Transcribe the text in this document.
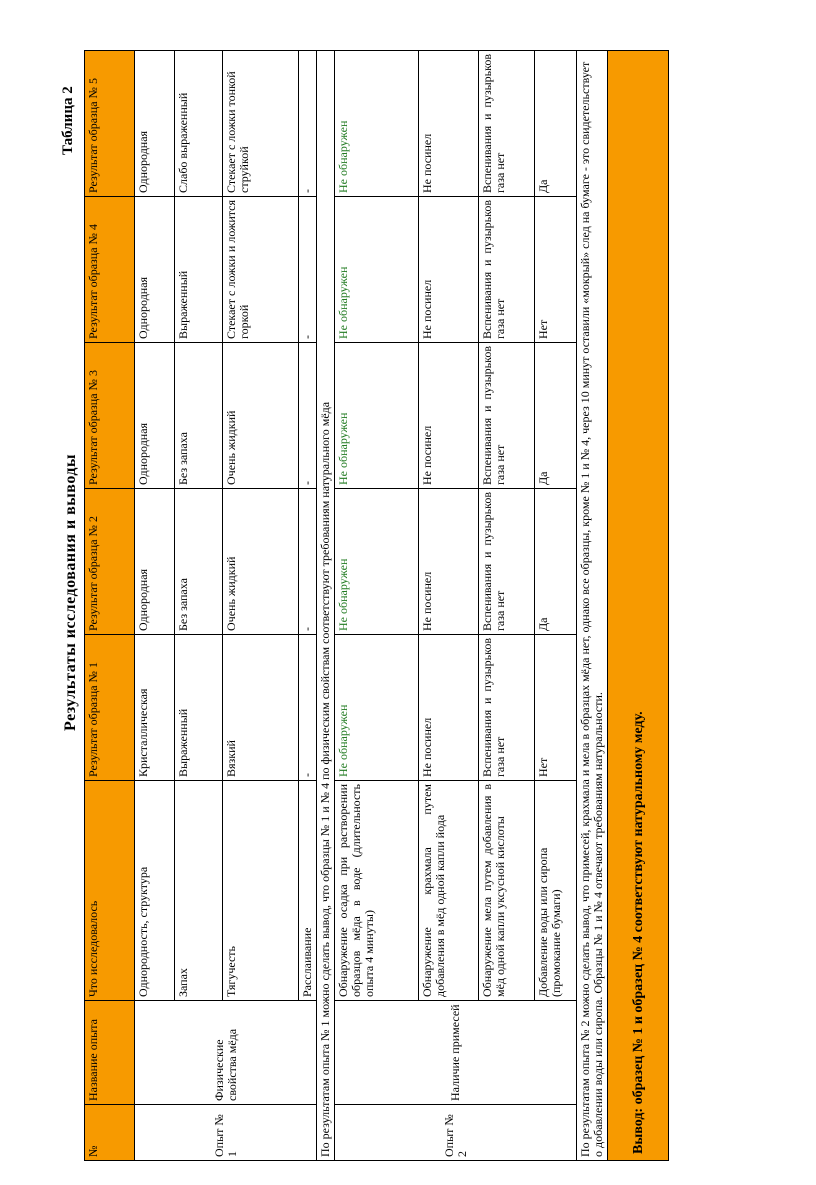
Таблица 2
Результаты исследования и выводы
№	Название опыта	Что исследовалось	Результат образца № 1	Результат образца № 2	Результат образца № 3	Результат образца № 4	Результат образца № 5
Опыт № 1	Физические свойства мёда	Однородность, структура	Кристаллическая	Однородная	Однородная	Однородная	Однородная
		Запах	Выраженный	Без запаха	Без запаха	Выраженный	Слабо выраженный
		Тягучесть	Вязкий	Очень жидкий	Очень жидкий	Стекает с ложки и ложится горкой	Стекает с ложки тонкой струйкой
		Расслаивание	-	-	-	-	-
По результатам опыта № 1 можно сделать вывод, что образцы № 1 и № 4 по физическим свойствам соответствуют требованиям натурального мёда							
Опыт № 2	Наличие примесей	Обнаружение осадка при растворении образцов мёда в воде (длительность опыта 4 минуты)	Не обнаружен	Не обнаружен	Не обнаружен	Не обнаружен	Не обнаружен
		Обнаружение крахмала путем добавления в мёд одной капли йода	Не посинел	Не посинел	Не посинел	Не посинел	Не посинел
		Обнаружение мела путем добавления в мёд одной капли уксусной кислоты	Вспенивания и пузырьков газа нет	Вспенивания и пузырьков газа нет	Вспенивания и пузырьков газа нет	Вспенивания и пузырьков газа нет	Вспенивания и пузырьков газа нет
		Добавление воды или сиропа (промокание бумаги)	Нет	Да	Да	Нет	Да
По результатам опыта № 2 можно сделать вывод, что примесей, крахмала и мела в образцах мёда нет, однако все образцы, кроме № 1 и № 4, через 10 минут оставили «мокрый» след на бумаге - это свидетельствует о добавлении воды или сиропа. Образцы № 1 и № 4 отвечают требованиям натуральности.							
Вывод: образец № 1 и образец № 4 соответствуют натуральному меду.							
